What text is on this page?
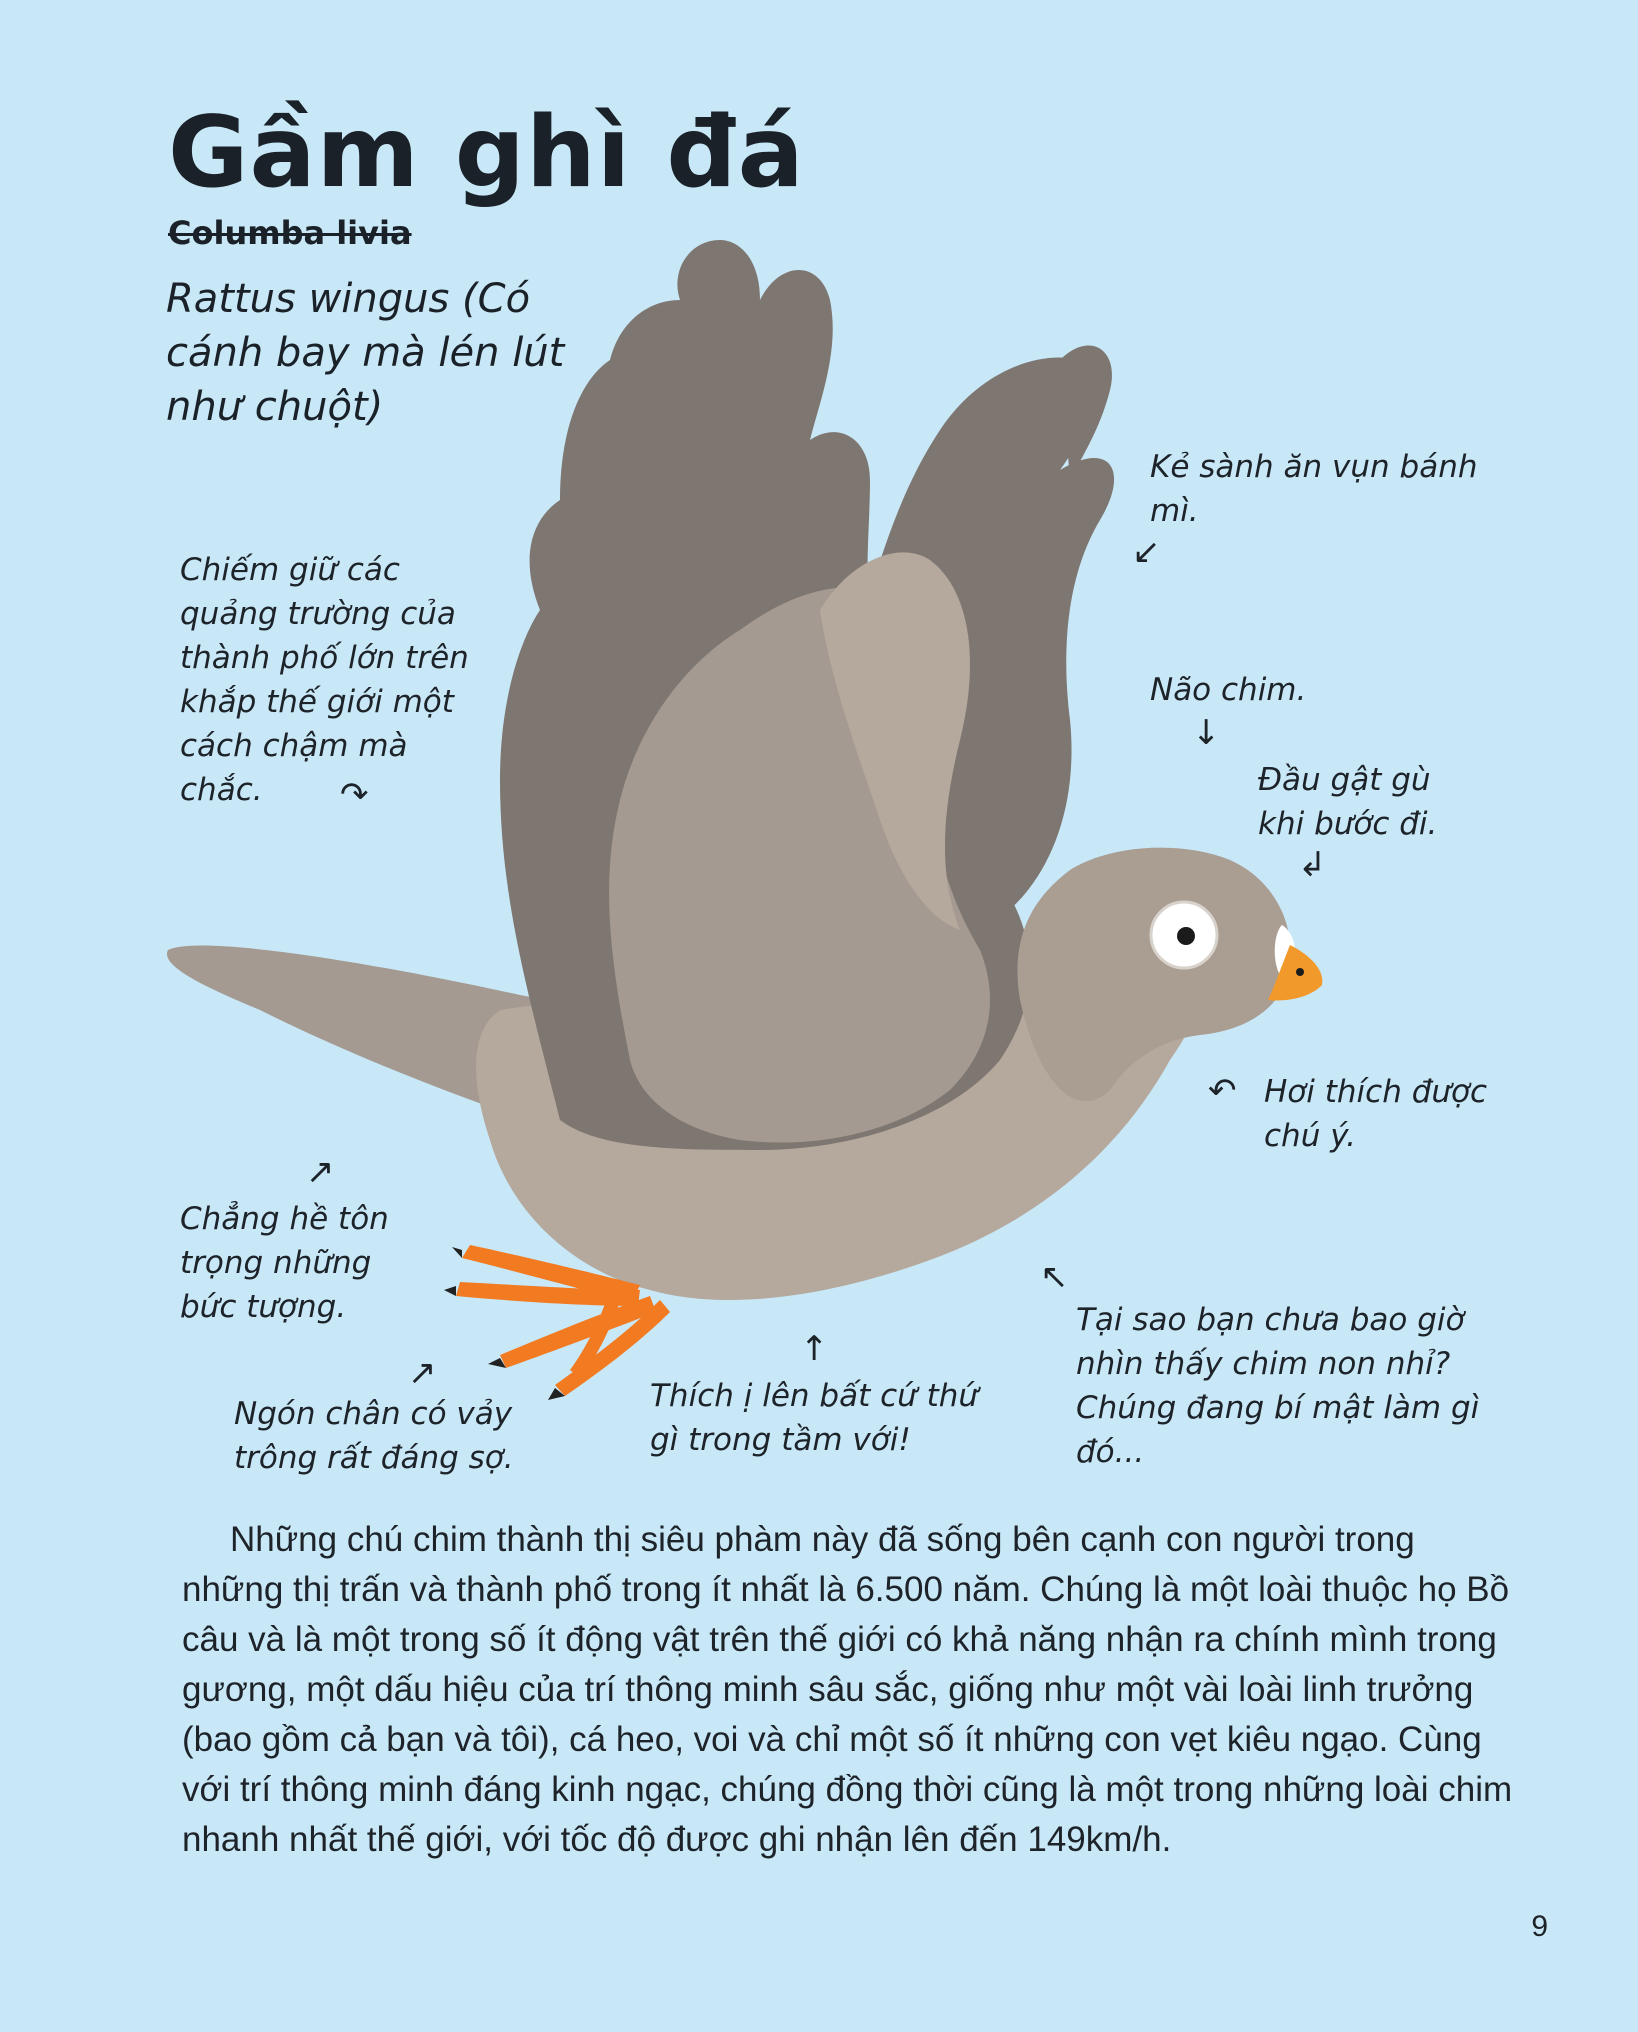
Gầm ghì đá
Columba livia
Rattus wingus (Có cánh bay mà lén lút như chuột)
Kẻ sành ăn vụn bánh mì.
↙
Chiếm giữ các quảng trường của thành phố lớn trên khắp thế giới một cách chậm mà chắc.	↷
Não chim.
↓
Đầu gật gù khi bước đi.
↲
↶ Hơi thích được chú ý.
↗
Chẳng hề tôn trọng những bức tượng.
↗
Ngón chân có vảy trông rất đáng sợ.
↑
Thích ị lên bất cứ thứ gì trong tầm với!
↖
Tại sao bạn chưa bao giờ nhìn thấy chim non nhỉ? Chúng đang bí mật làm gì đó...

Những chú chim thành thị siêu phàm này đã sống bên cạnh con người trong những thị trấn và thành phố trong ít nhất là 6.500 năm. Chúng là một loài thuộc họ Bồ câu và là một trong số ít động vật trên thế giới có khả năng nhận ra chính mình trong gương, một dấu hiệu của trí thông minh sâu sắc, giống như một vài loài linh trưởng (bao gồm cả bạn và tôi), cá heo, voi và chỉ một số ít những con vẹt kiêu ngạo. Cùng với trí thông minh đáng kinh ngạc, chúng đồng thời cũng là một trong những loài chim nhanh nhất thế giới, với tốc độ được ghi nhận lên đến 149km/h.

9
